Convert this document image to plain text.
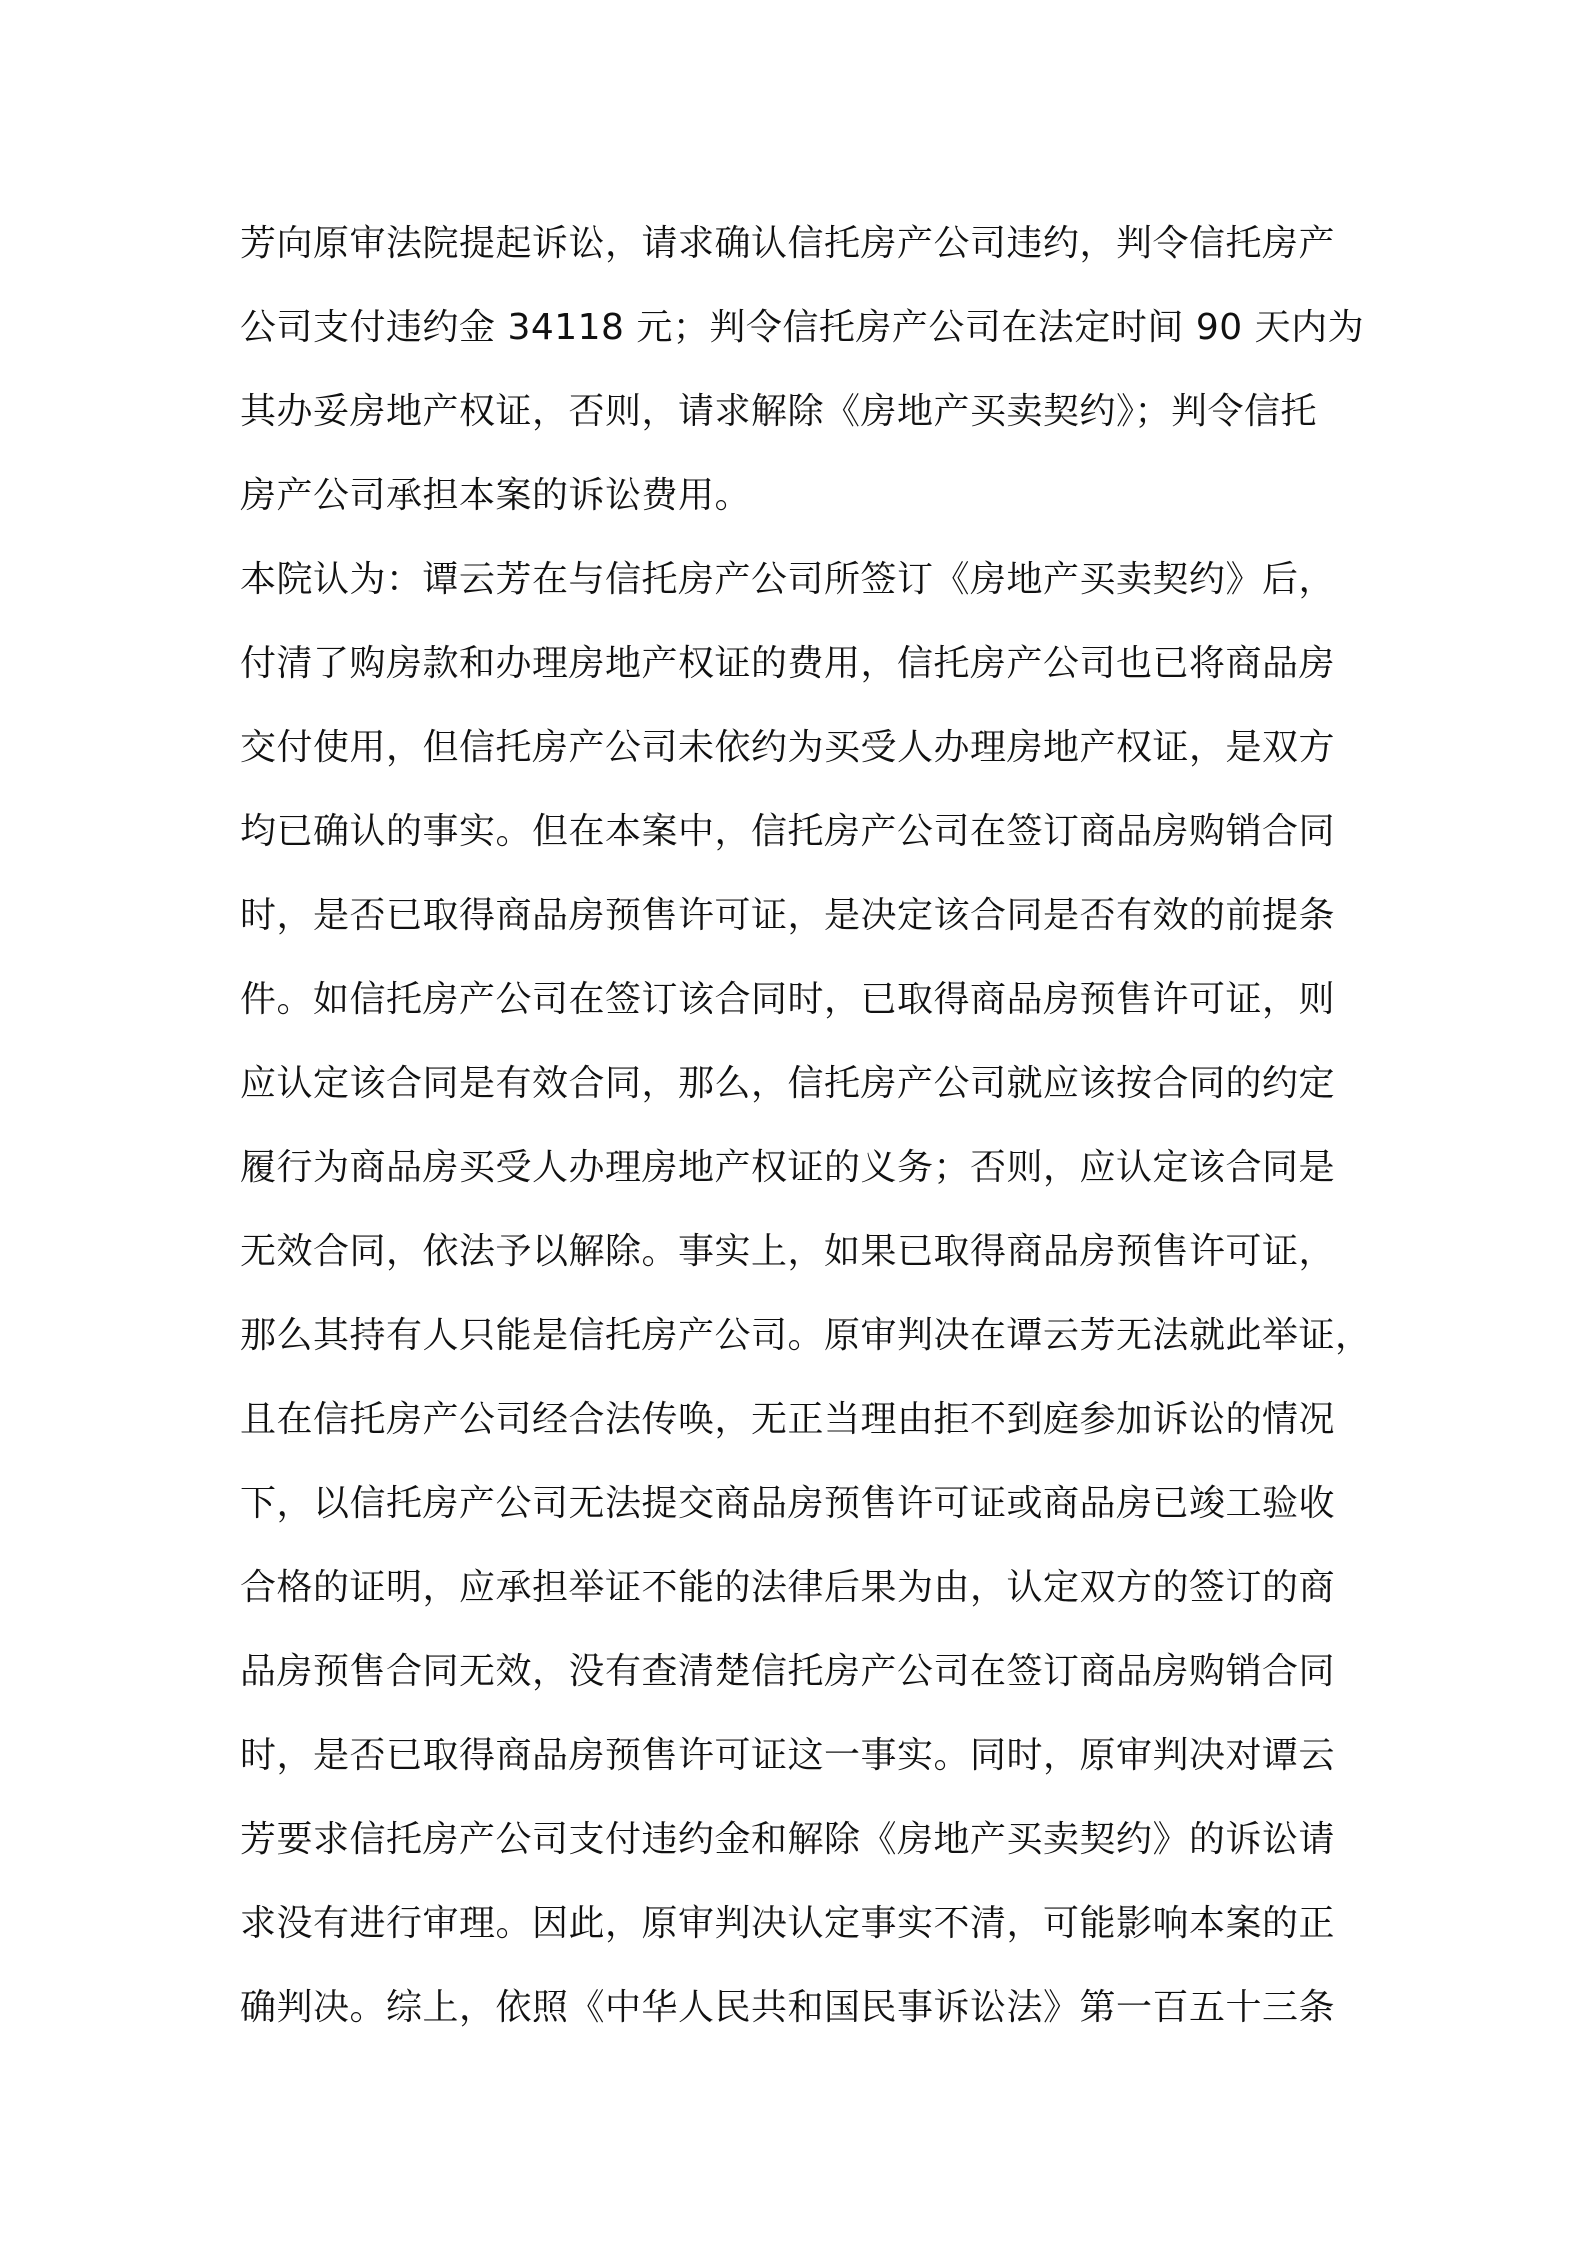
芳向原审法院提起诉讼，请求确认信托房产公司违约，判令信托房产
公司支付违约金 34118 元；判令信托房产公司在法定时间 90 天内为
其办妥房地产权证，否则，请求解除《房地产买卖契约》；判令信托
房产公司承担本案的诉讼费用。
本院认为：谭云芳在与信托房产公司所签订《房地产买卖契约》后，
付清了购房款和办理房地产权证的费用，信托房产公司也已将商品房
交付使用，但信托房产公司未依约为买受人办理房地产权证，是双方
均已确认的事实。但在本案中，信托房产公司在签订商品房购销合同
时，是否已取得商品房预售许可证，是决定该合同是否有效的前提条
件。如信托房产公司在签订该合同时，已取得商品房预售许可证，则
应认定该合同是有效合同，那么，信托房产公司就应该按合同的约定
履行为商品房买受人办理房地产权证的义务；否则，应认定该合同是
无效合同，依法予以解除。事实上，如果已取得商品房预售许可证，
那么其持有人只能是信托房产公司。原审判决在谭云芳无法就此举证，
且在信托房产公司经合法传唤，无正当理由拒不到庭参加诉讼的情况
下，以信托房产公司无法提交商品房预售许可证或商品房已竣工验收
合格的证明，应承担举证不能的法律后果为由，认定双方的签订的商
品房预售合同无效，没有查清楚信托房产公司在签订商品房购销合同
时，是否已取得商品房预售许可证这一事实。同时，原审判决对谭云
芳要求信托房产公司支付违约金和解除《房地产买卖契约》的诉讼请
求没有进行审理。因此，原审判决认定事实不清，可能影响本案的正
确判决。综上，依照《中华人民共和国民事诉讼法》第一百五十三条
